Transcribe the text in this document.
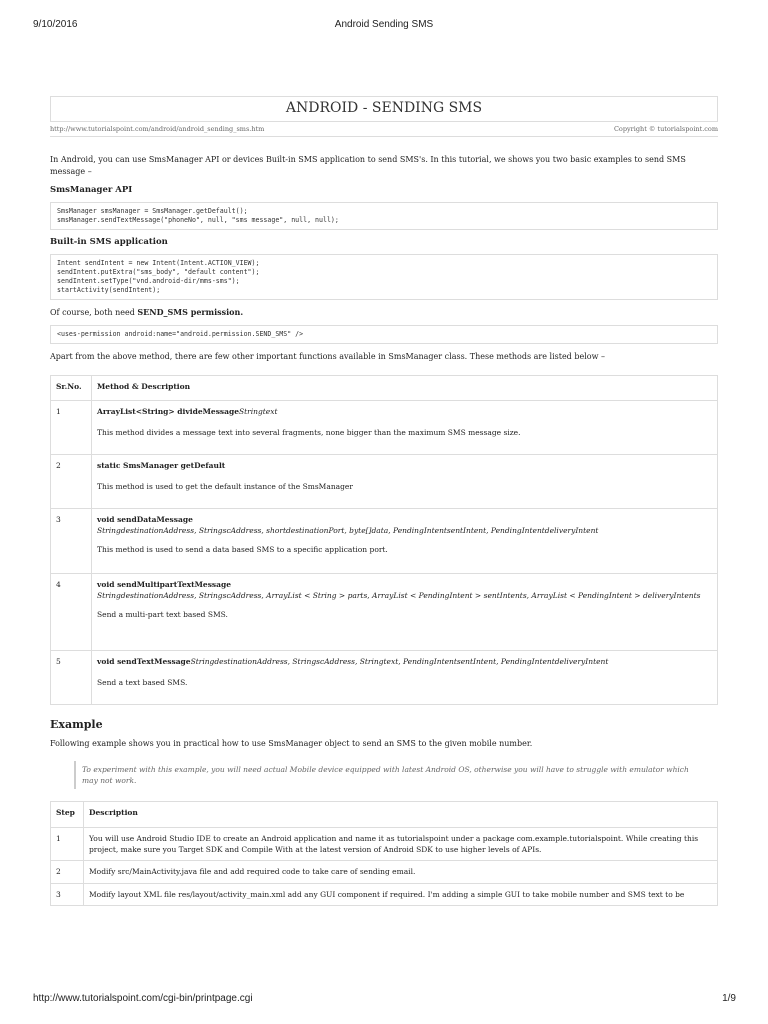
9/10/2016	Android Sending SMS
ANDROID - SENDING SMS
http://www.tutorialspoint.com/android/android_sending_sms.htm	Copyright © tutorialspoint.com

In Android, you can use SmsManager API or devices Built-in SMS application to send SMS's. In this tutorial, we shows you two basic examples to send SMS message –

SmsManager API

SmsManager smsManager = SmsManager.getDefault();
smsManager.sendTextMessage("phoneNo", null, "sms message", null, null);

Built-in SMS application

Intent sendIntent = new Intent(Intent.ACTION_VIEW);
sendIntent.putExtra("sms_body", "default content");
sendIntent.setType("vnd.android-dir/mms-sms");
startActivity(sendIntent);

Of course, both need SEND_SMS permission.

<uses-permission android:name="android.permission.SEND_SMS" />

Apart from the above method, there are few other important functions available in SmsManager class. These methods are listed below –

Sr.No.	Method & Description
1	ArrayList<String> divideMessageStringtext
This method divides a message text into several fragments, none bigger than the maximum SMS message size.

2	static SmsManager getDefault
This method is used to get the default instance of the SmsManager

3	void sendDataMessage
StringdestinationAddress, StringscAddress, shortdestinationPort, byte[]data, PendingIntentsentIntent, PendingIntentdeliveryIntent
This method is used to send a data based SMS to a specific application port.

4	void sendMultipartTextMessage
StringdestinationAddress, StringscAddress, ArrayList < String > parts, ArrayList < PendingIntent > sentIntents, ArrayList < PendingIntent > deliveryIntents
Send a multi-part text based SMS.

5	void sendTextMessageStringdestinationAddress, StringscAddress, Stringtext, PendingIntentsentIntent, PendingIntentdeliveryIntent
Send a text based SMS.
Example

Following example shows you in practical how to use SmsManager object to send an SMS to the given mobile number.

To experiment with this example, you will need actual Mobile device equipped with latest Android OS, otherwise you will have to struggle with emulator which may not work.
Step	Description
1	You will use Android Studio IDE to create an Android application and name it as tutorialspoint under a package com.example.tutorialspoint. While creating this project, make sure you Target SDK and Compile With at the latest version of Android SDK to use higher levels of APIs.
2	Modify src/MainActivity.java file and add required code to take care of sending email.
3	Modify layout XML file res/layout/activity_main.xml add any GUI component if required. I'm adding a simple GUI to take mobile number and SMS text to be
http://www.tutorialspoint.com/cgi-bin/printpage.cgi	1/9
